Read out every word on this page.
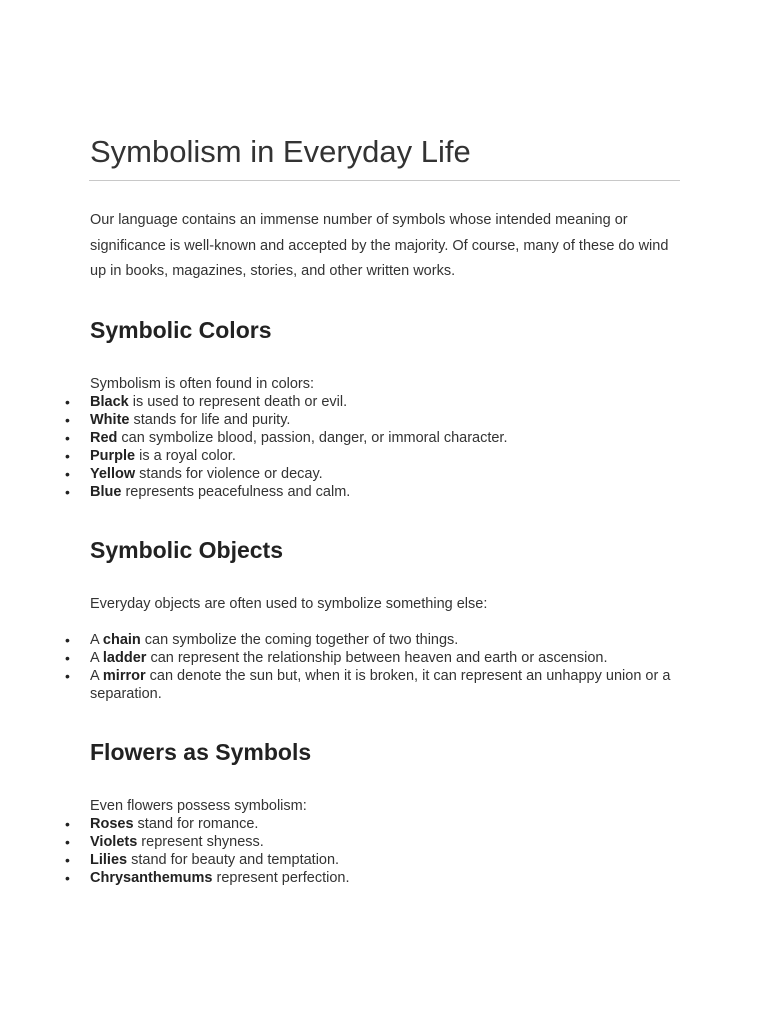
Symbolism in Everyday Life

Our language contains an immense number of symbols whose intended meaning or significance is well-known and accepted by the majority. Of course, many of these do wind up in books, magazines, stories, and other written works.

Symbolic Colors

Symbolism is often found in colors:

• Black is used to represent death or evil.
• White stands for life and purity.
• Red can symbolize blood, passion, danger, or immoral character.
• Purple is a royal color.
• Yellow stands for violence or decay.
• Blue represents peacefulness and calm.
Symbolic Objects

Everyday objects are often used to symbolize something else:

• A chain can symbolize the coming together of two things.
• A ladder can represent the relationship between heaven and earth or ascension.
• A mirror can denote the sun but, when it is broken, it can represent an unhappy union or a separation.
Flowers as Symbols

Even flowers possess symbolism:

• Roses stand for romance.
• Violets represent shyness.
• Lilies stand for beauty and temptation.
• Chrysanthemums represent perfection.
